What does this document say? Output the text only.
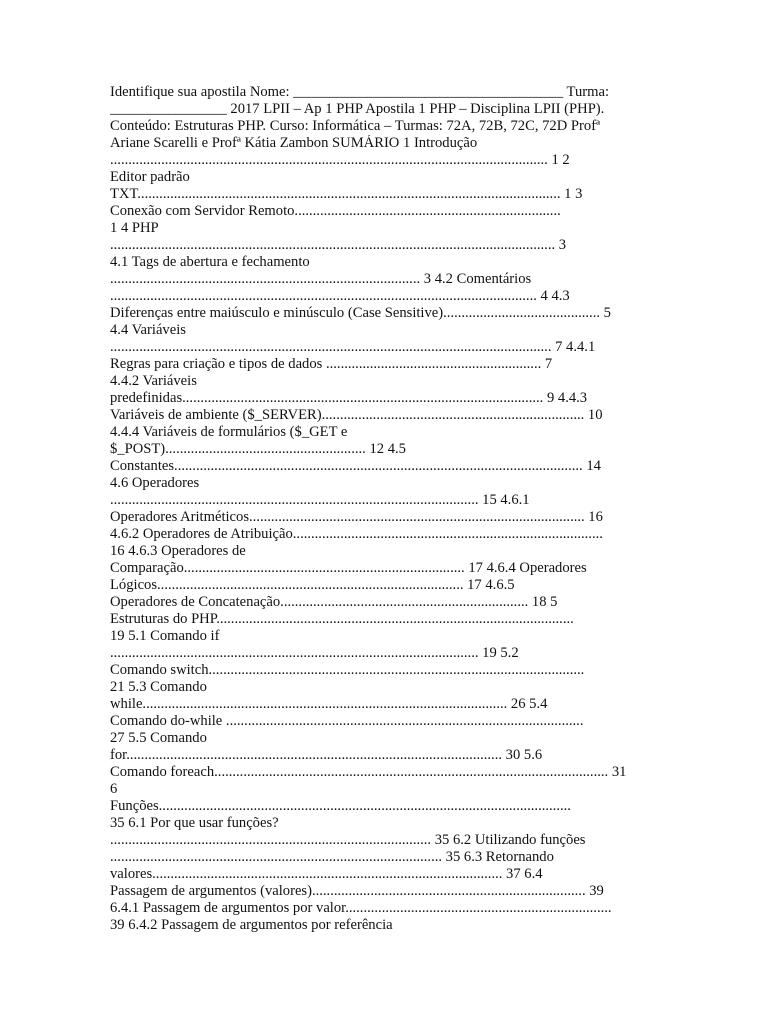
Identifique sua apostila Nome: _____________________________________ Turma:
________________ 2017 LPII – Ap 1 PHP Apostila 1 PHP – Disciplina LPII (PHP).
Conteúdo: Estruturas PHP. Curso: Informática – Turmas: 72A, 72B, 72C, 72D Profª
Ariane Scarelli e Profª Kátia Zambon SUMÁRIO 1 Introdução
........................................................................................................................ 1 2
Editor padrão
TXT.................................................................................................................... 1 3
Conexão com Servidor Remoto.........................................................................
1 4 PHP
.......................................................................................................................... 3
4.1 Tags de abertura e fechamento
..................................................................................... 3 4.2 Comentários
..................................................................................................................... 4 4.3
Diferenças entre maiúsculo e minúsculo (Case Sensitive)........................................... 5
4.4 Variáveis
......................................................................................................................... 7 4.4.1
Regras para criação e tipos de dados ........................................................... 7
4.4.2 Variáveis
predefinidas................................................................................................... 9 4.4.3
Variáveis de ambiente ($_SERVER)........................................................................ 10
4.4.4 Variáveis de formulários ($_GET e
$_POST)....................................................... 12 4.5
Constantes................................................................................................................ 14
4.6 Operadores
..................................................................................................... 15 4.6.1
Operadores Aritméticos............................................................................................ 16
4.6.2 Operadores de Atribuição.....................................................................................
16 4.6.3 Operadores de
Comparação............................................................................. 17 4.6.4 Operadores
Lógicos.................................................................................... 17 4.6.5
Operadores de Concatenação.................................................................... 18 5
Estruturas do PHP..................................................................................................
19 5.1 Comando if
..................................................................................................... 19 5.2
Comando switch.......................................................................................................
21 5.3 Comando
while.................................................................................................... 26 5.4
Comando do-while ..................................................................................................
27 5.5 Comando
for....................................................................................................... 30 5.6
Comando foreach............................................................................................................ 31
6
Funções.................................................................................................................
35 6.1 Por que usar funções?
........................................................................................ 35 6.2 Utilizando funções
........................................................................................... 35 6.3 Retornando
valores................................................................................................ 37 6.4
Passagem de argumentos (valores)........................................................................... 39
6.4.1 Passagem de argumentos por valor.........................................................................
39 6.4.2 Passagem de argumentos por referência
